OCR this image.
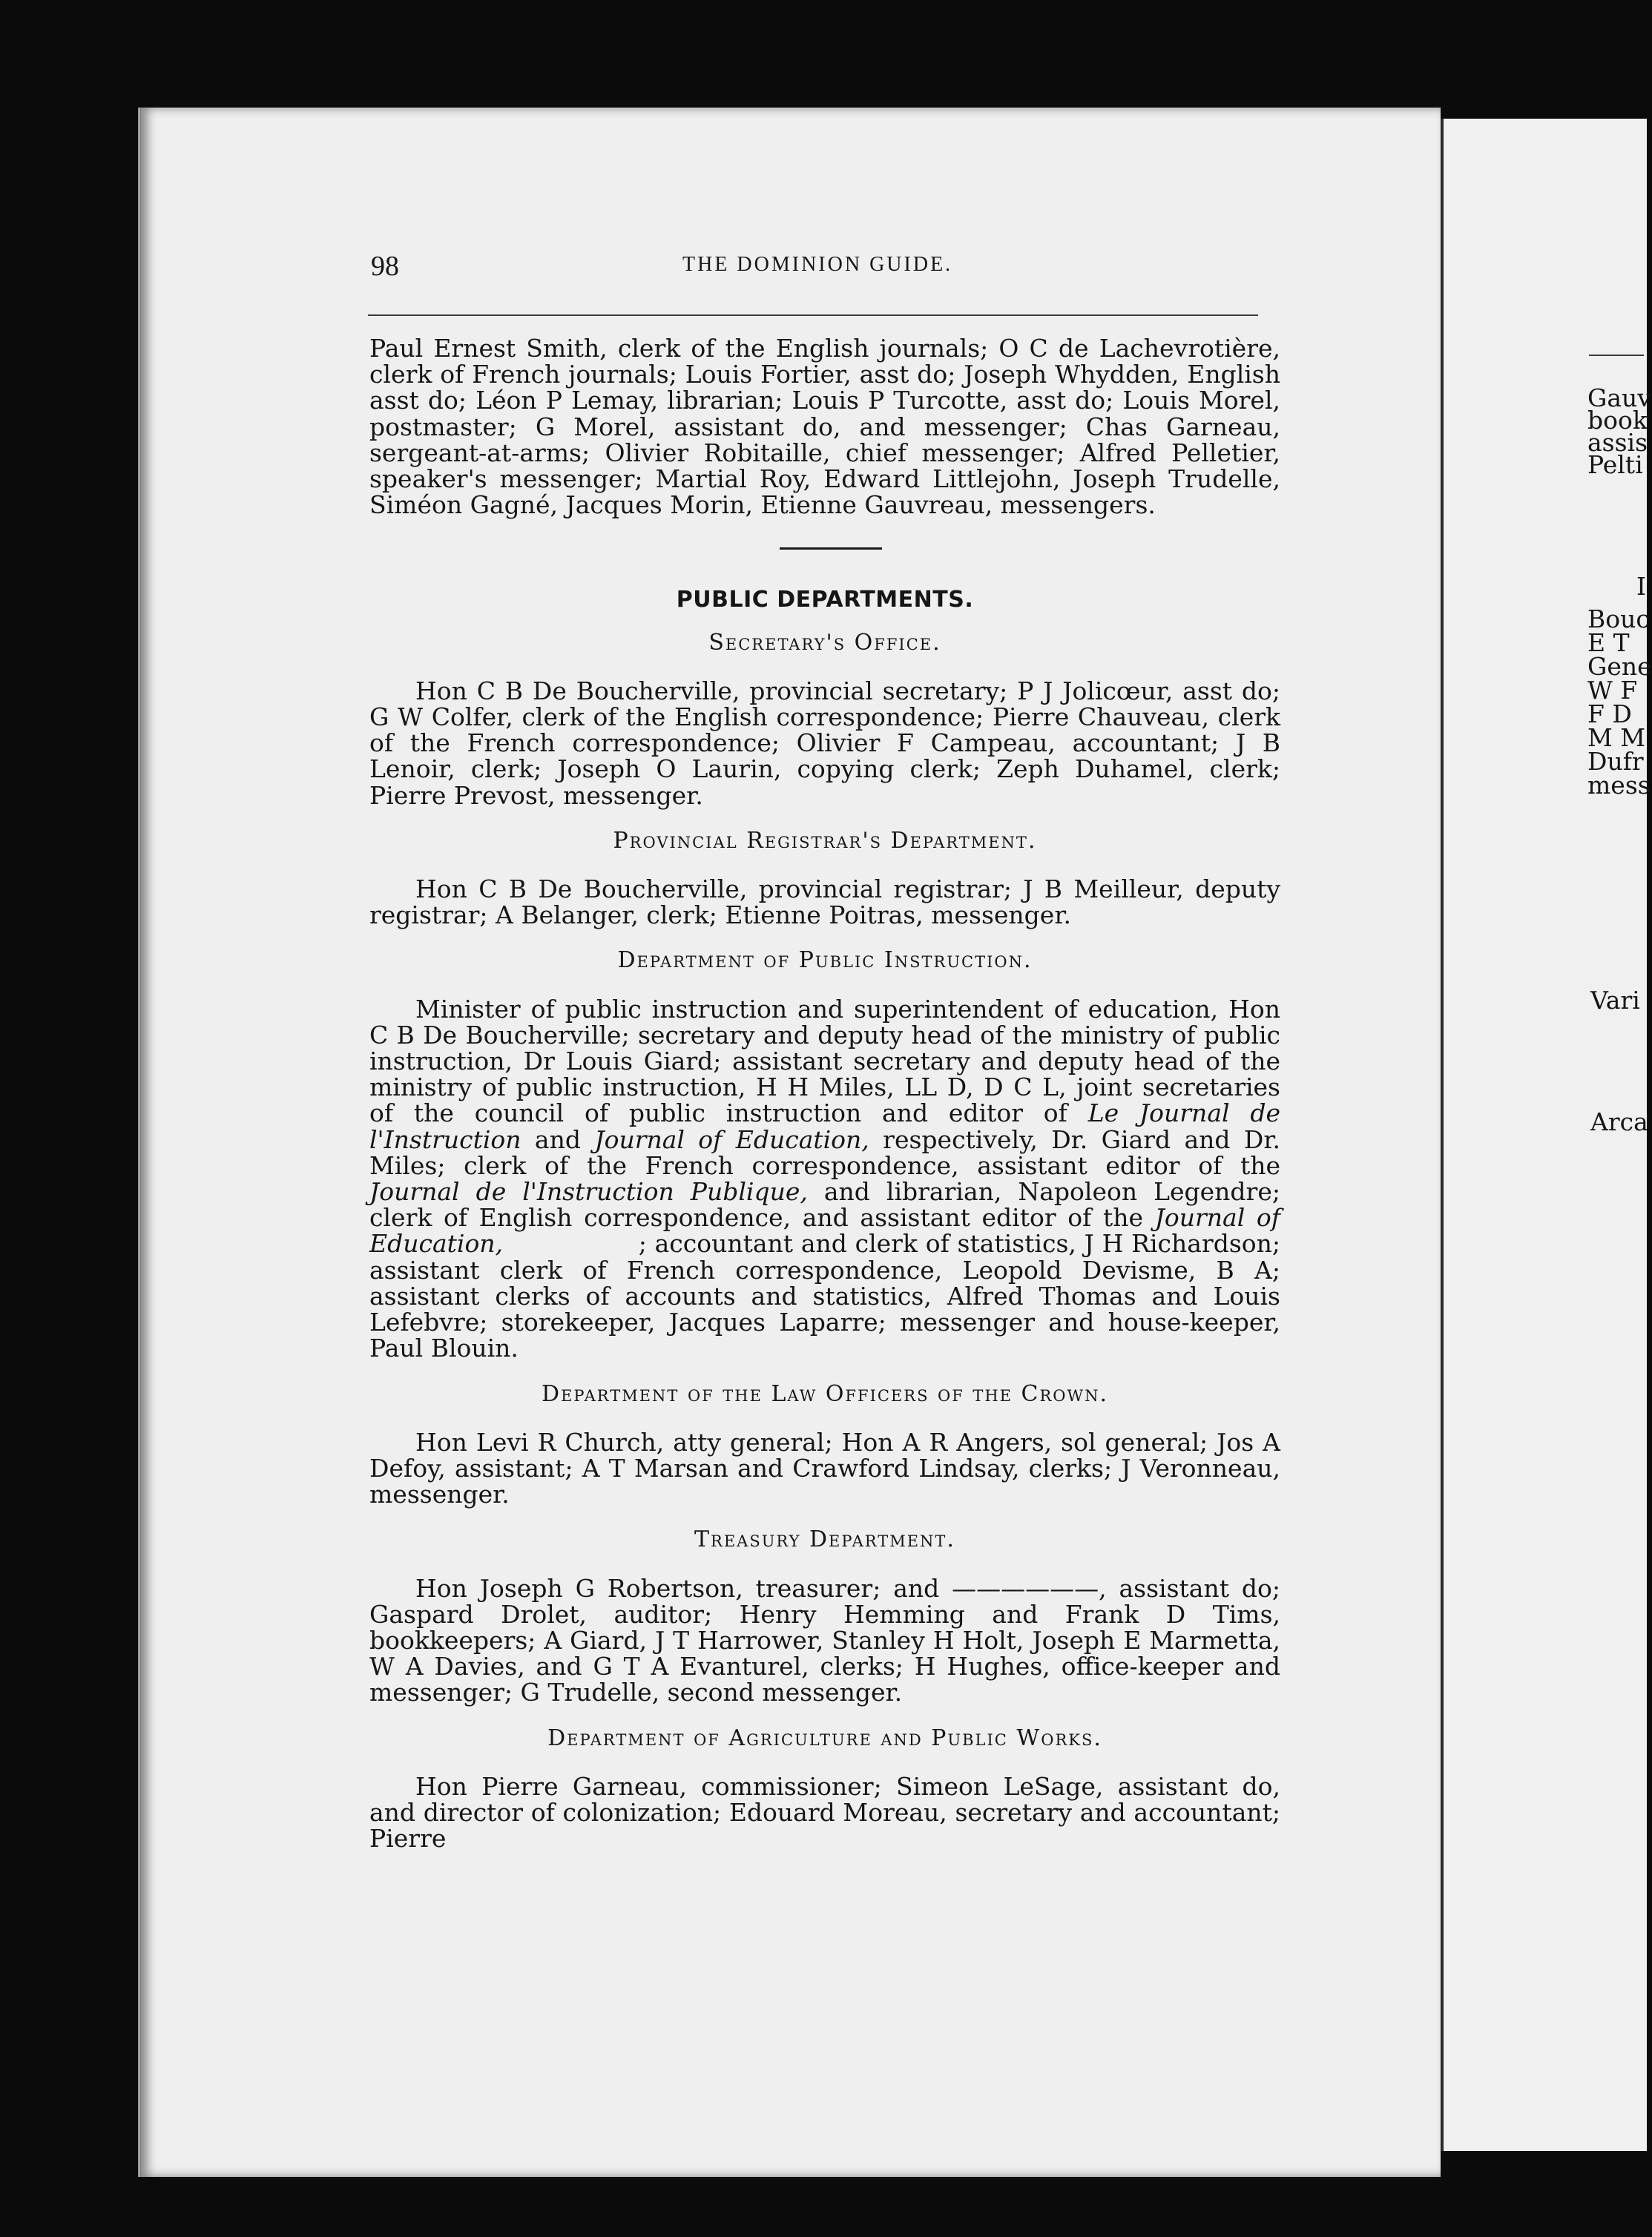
98	THE DOMINION GUIDE.

Paul Ernest Smith, clerk of the English journals; O C de Lachevrotière, clerk of French journals; Louis Fortier, asst do; Joseph Whydden, English asst do; Léon P Lemay, librarian; Louis P Turcotte, asst do; Louis Morel, postmaster; G Morel, assistant do, and messenger; Chas Garneau, sergeant-at-arms; Olivier Robitaille, chief messenger; Alfred Pelletier, speaker's messenger; Martial Roy, Edward Littlejohn, Joseph Trudelle, Siméon Gagné, Jacques Morin, Etienne Gauvreau, messengers.

PUBLIC DEPARTMENTS.
Secretary's Office.

Hon C B De Boucherville, provincial secretary; P J Jolicœur, asst do; G W Colfer, clerk of the English correspondence; Pierre Chauveau, clerk of the French correspondence; Olivier F Campeau, accountant; J B Lenoir, clerk; Joseph O Laurin, copying clerk; Zeph Duhamel, clerk; Pierre Prevost, messenger.

Provincial Registrar's Department.

Hon C B De Boucherville, provincial registrar; J B Meilleur, deputy registrar; A Belanger, clerk; Etienne Poitras, messenger.

Department of Public Instruction.

Minister of public instruction and superintendent of education, Hon C B De Boucherville; secretary and deputy head of the ministry of public instruction, Dr Louis Giard; assistant secretary and deputy head of the ministry of public instruction, H H Miles, LL D, D C L, joint secretaries of the council of public instruction and editor of Le Journal de l'Instruction and Journal of Education, respectively, Dr. Giard and Dr. Miles; clerk of the French correspondence, assistant editor of the Journal de l'Instruction Publique, and librarian, Napoleon Legendre; clerk of English correspondence, and assistant editor of the Journal of Education,                 ; accountant and clerk of statistics, J H Richardson; assistant clerk of French correspondence, Leopold Devisme, B A; assistant clerks of accounts and statistics, Alfred Thomas and Louis Lefebvre; storekeeper, Jacques Laparre; messenger and house-keeper, Paul Blouin.

Department of the Law Officers of the Crown.

Hon Levi R Church, atty general; Hon A R Angers, sol general; Jos A Defoy, assistant; A T Marsan and Crawford Lindsay, clerks; J Veronneau, messenger.

Treasury Department.

Hon Joseph G Robertson, treasurer; and ——————, assistant do; Gaspard Drolet, auditor; Henry Hemming and Frank D Tims, bookkeepers; A Giard, J T Harrower, Stanley H Holt, Joseph E Marmetta, W A Davies, and G T A Evanturel, clerks; H Hughes, office-keeper and messenger; G Trudelle, second messenger.

Department of Agriculture and Public Works.

Hon Pierre Garneau, commissioner; Simeon LeSage, assistant do, and director of colonization; Edouard Moreau, secretary and accountant; Pierre

Gauv
book
assis
Pelti
I
Bouc
E T
Gene
W F
F D
M M
Dufr
mess
Vari
Arca
